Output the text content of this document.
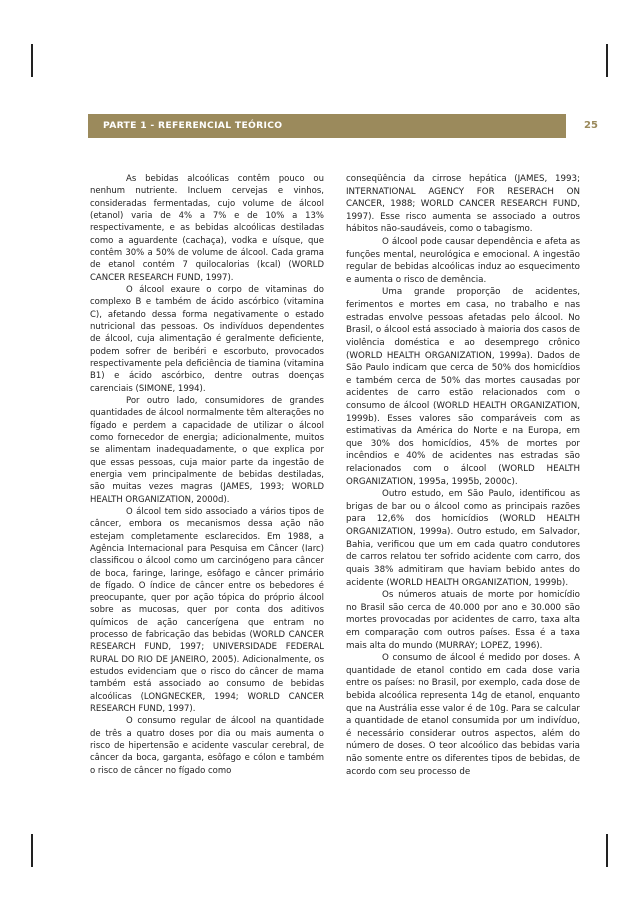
PARTE 1 - REFERENCIAL TEÓRICO	25

As bebidas alcoólicas contêm pouco ou nenhum nutriente. Incluem cervejas e vinhos, consideradas fermentadas, cujo volume de álcool (etanol) varia de 4% a 7% e de 10% a 13% respectivamente, e as bebidas alcoólicas destiladas como a aguardente (cachaça), vodka e uísque, que contêm 30% a 50% de volume de álcool. Cada grama de etanol contém 7 quilocalorias (kcal) (WORLD CANCER RESEARCH FUND, 1997).

O álcool exaure o corpo de vitaminas do complexo B e também de ácido ascórbico (vitamina C), afetando dessa forma negativamente o estado nutricional das pessoas. Os indivíduos dependentes de álcool, cuja alimentação é geralmente deficiente, podem sofrer de beribéri e escorbuto, provocados respectivamente pela deficiência de tiamina (vitamina B1) e ácido ascórbico, dentre outras doenças carenciais (SIMONE, 1994).

Por outro lado, consumidores de grandes quantidades de álcool normalmente têm alterações no fígado e perdem a capacidade de utilizar o álcool como fornecedor de energia; adicionalmente, muitos se alimentam inadequadamente, o que explica por que essas pessoas, cuja maior parte da ingestão de energia vem principalmente de bebidas destiladas, são muitas vezes magras (JAMES, 1993; WORLD HEALTH ORGANIZATION, 2000d).

O álcool tem sido associado a vários tipos de câncer, embora os mecanismos dessa ação não estejam completamente esclarecidos. Em 1988, a Agência Internacional para Pesquisa em Câncer (Iarc) classificou o álcool como um carcinógeno para câncer de boca, faringe, laringe, esôfago e câncer primário de fígado. O índice de câncer entre os bebedores é preocupante, quer por ação tópica do próprio álcool sobre as mucosas, quer por conta dos aditivos químicos de ação cancerígena que entram no processo de fabricação das bebidas (WORLD CANCER RESEARCH FUND, 1997; UNIVERSIDADE FEDERAL RURAL DO RIO DE JANEIRO, 2005). Adicionalmente, os estudos evidenciam que o risco do câncer de mama também está associado ao consumo de bebidas alcoólicas (LONGNECKER, 1994; WORLD CANCER RESEARCH FUND, 1997).

O consumo regular de álcool na quantidade de três a quatro doses por dia ou mais aumenta o risco de hipertensão e acidente vascular cerebral, de câncer da boca, garganta, esôfago e cólon e também o risco de câncer no fígado como

conseqüência da cirrose hepática (JAMES, 1993; INTERNATIONAL AGENCY FOR RESERACH ON CANCER, 1988; WORLD CANCER RESEARCH FUND, 1997). Esse risco aumenta se associado a outros hábitos não-saudáveis, como o tabagismo.

O álcool pode causar dependência e afeta as funções mental, neurológica e emocional. A ingestão regular de bebidas alcoólicas induz ao esquecimento e aumenta o risco de demência.

Uma grande proporção de acidentes, ferimentos e mortes em casa, no trabalho e nas estradas envolve pessoas afetadas pelo álcool. No Brasil, o álcool está associado à maioria dos casos de violência doméstica e ao desemprego crônico (WORLD HEALTH ORGANIZATION, 1999a). Dados de São Paulo indicam que cerca de 50% dos homicídios e também cerca de 50% das mortes causadas por acidentes de carro estão relacionados com o consumo de álcool (WORLD HEALTH ORGANIZATION, 1999b). Esses valores são comparáveis com as estimativas da América do Norte e na Europa, em que 30% dos homicídios, 45% de mortes por incêndios e 40% de acidentes nas estradas são relacionados com o álcool (WORLD HEALTH ORGANIZATION, 1995a, 1995b, 2000c).

Outro estudo, em São Paulo, identificou as brigas de bar ou o álcool como as principais razões para 12,6% dos homicídios (WORLD HEALTH ORGANIZATION, 1999a). Outro estudo, em Salvador, Bahia, verificou que um em cada quatro condutores de carros relatou ter sofrido acidente com carro, dos quais 38% admitiram que haviam bebido antes do acidente (WORLD HEALTH ORGANIZATION, 1999b).

Os números atuais de morte por homicídio no Brasil são cerca de 40.000 por ano e 30.000 são mortes provocadas por acidentes de carro, taxa alta em comparação com outros países. Essa é a taxa mais alta do mundo (MURRAY; LOPEZ, 1996).

O consumo de álcool é medido por doses. A quantidade de etanol contido em cada dose varia entre os países: no Brasil, por exemplo, cada dose de bebida alcoólica representa 14g de etanol, enquanto que na Austrália esse valor é de 10g. Para se calcular a quantidade de etanol consumida por um indivíduo, é necessário considerar outros aspectos, além do número de doses. O teor alcoólico das bebidas varia não somente entre os diferentes tipos de bebidas, de acordo com seu processo de
